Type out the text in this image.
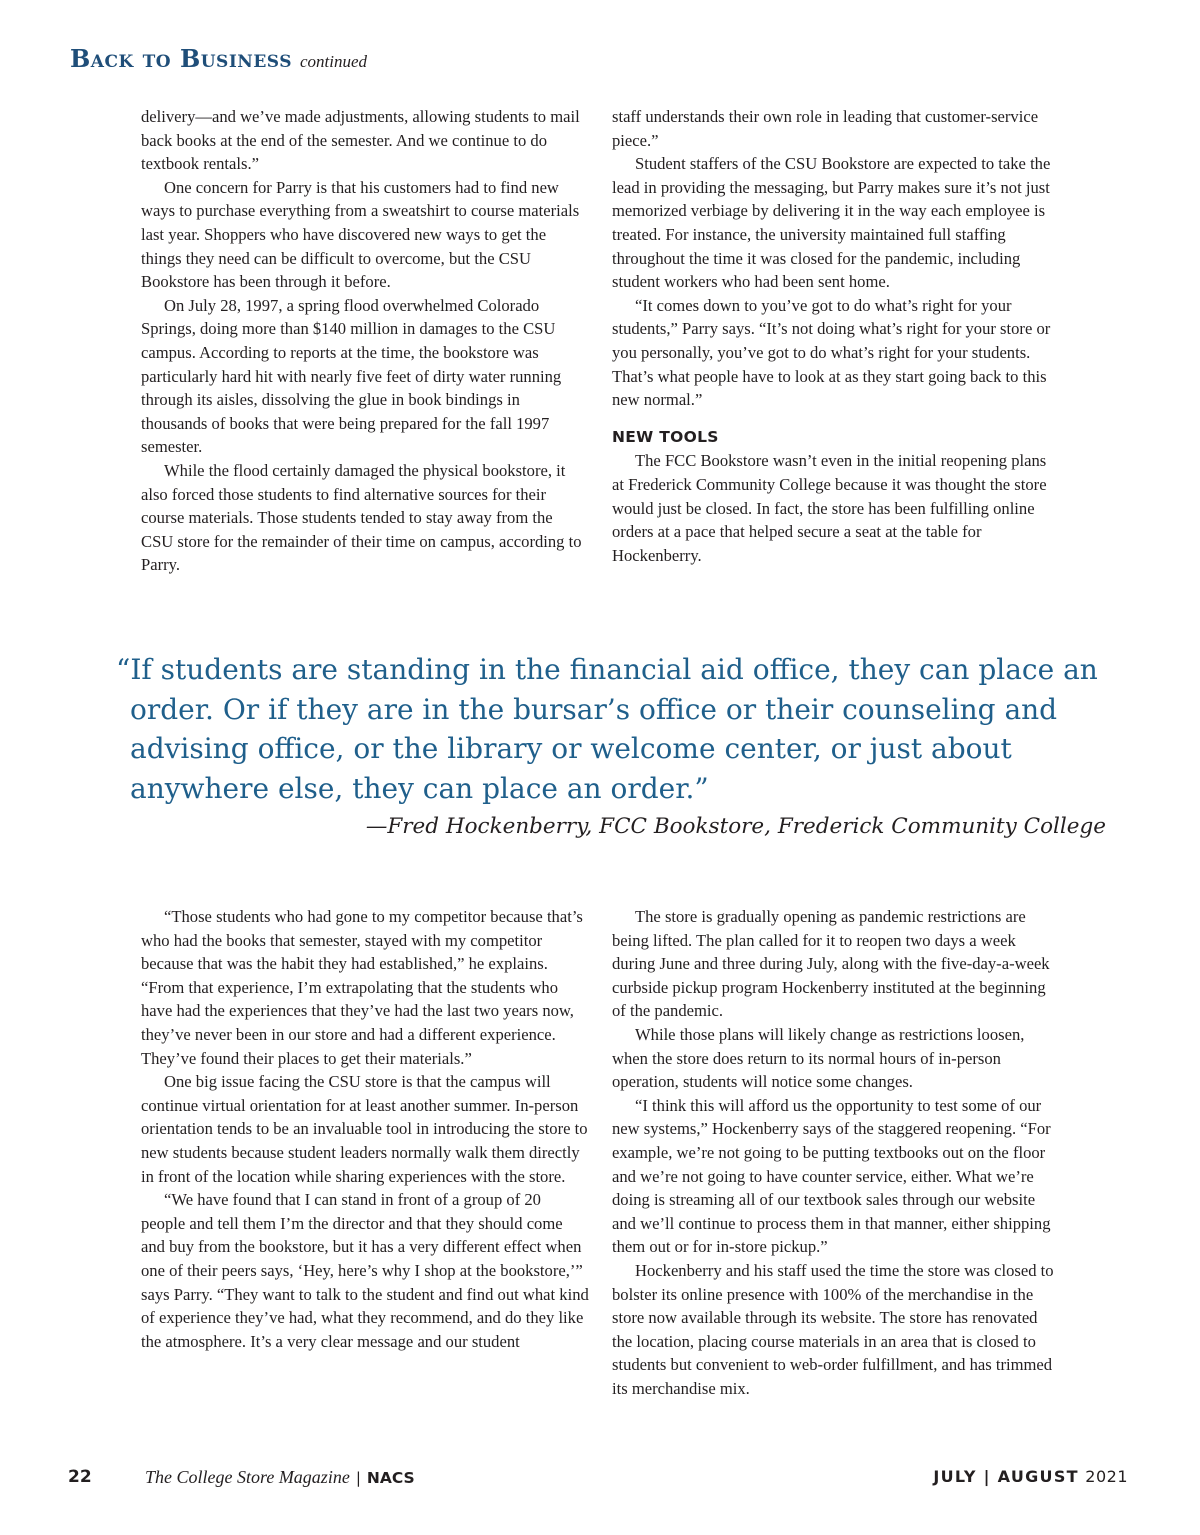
Back to Business continued

delivery—and we’ve made adjustments, allowing students to mail back books at the end of the semester. And we continue to do textbook rentals.”

One concern for Parry is that his customers had to find new ways to purchase everything from a sweatshirt to course materials last year. Shoppers who have discovered new ways to get the things they need can be difficult to overcome, but the CSU Bookstore has been through it before.

On July 28, 1997, a spring flood overwhelmed Colorado Springs, doing more than $140 million in damages to the CSU campus. According to reports at the time, the bookstore was particularly hard hit with nearly five feet of dirty water running through its aisles, dissolving the glue in book bindings in thousands of books that were being prepared for the fall 1997 semester.

While the flood certainly damaged the physical bookstore, it also forced those students to find alternative sources for their course materials. Those students tended to stay away from the CSU store for the remainder of their time on campus, according to Parry.

staff understands their own role in leading that customer-service piece.”

Student staffers of the CSU Bookstore are expected to take the lead in providing the messaging, but Parry makes sure it’s not just memorized verbiage by delivering it in the way each employee is treated. For instance, the university maintained full staffing throughout the time it was closed for the pandemic, including student workers who had been sent home.

“It comes down to you’ve got to do what’s right for your students,” Parry says. “It’s not doing what’s right for your store or you personally, you’ve got to do what’s right for your students. That’s what people have to look at as they start going back to this new normal.”

NEW TOOLS

The FCC Bookstore wasn’t even in the initial reopening plans at Frederick Community College because it was thought the store would just be closed. In fact, the store has been fulfilling online orders at a pace that helped secure a seat at the table for Hockenberry.

“If students are standing in the financial aid office, they can place an order. Or if they are in the bursar’s office or their counseling and advising office, or the library or welcome center, or just about anywhere else, they can place an order.”

—Fred Hockenberry, FCC Bookstore, Frederick Community College

“Those students who had gone to my competitor because that’s who had the books that semester, stayed with my competitor because that was the habit they had established,” he explains. “From that experience, I’m extrapolating that the students who have had the experiences that they’ve had the last two years now, they’ve never been in our store and had a different experience. They’ve found their places to get their materials.”

One big issue facing the CSU store is that the campus will continue virtual orientation for at least another summer. In-person orientation tends to be an invaluable tool in introducing the store to new students because student leaders normally walk them directly in front of the location while sharing experiences with the store.

“We have found that I can stand in front of a group of 20 people and tell them I’m the director and that they should come and buy from the bookstore, but it has a very different effect when one of their peers says, ‘Hey, here’s why I shop at the bookstore,’” says Parry. “They want to talk to the student and find out what kind of experience they’ve had, what they recommend, and do they like the atmosphere. It’s a very clear message and our student

The store is gradually opening as pandemic restrictions are being lifted. The plan called for it to reopen two days a week during June and three during July, along with the five-day-a-week curbside pickup program Hockenberry instituted at the beginning of the pandemic.

While those plans will likely change as restrictions loosen, when the store does return to its normal hours of in-person operation, students will notice some changes.

“I think this will afford us the opportunity to test some of our new systems,” Hockenberry says of the staggered reopening. “For example, we’re not going to be putting textbooks out on the floor and we’re not going to have counter service, either. What we’re doing is streaming all of our textbook sales through our website and we’ll continue to process them in that manner, either shipping them out or for in-store pickup.”

Hockenberry and his staff used the time the store was closed to bolster its online presence with 100% of the merchandise in the store now available through its website. The store has renovated the location, placing course materials in an area that is closed to students but convenient to web-order fulfillment, and has trimmed its merchandise mix.

22	The College Store Magazine | NACS	JULY | AUGUST 2021
